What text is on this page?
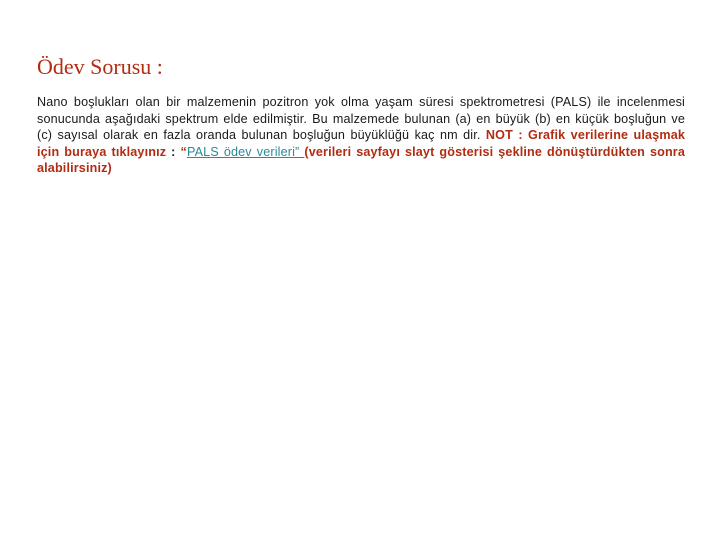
Ödev Sorusu :
Nano boşlukları olan bir malzemenin pozitron yok olma yaşam süresi spektrometresi (PALS) ile incelenmesi sonucunda aşağıdaki spektrum elde edilmiştir. Bu malzemede bulunan (a) en büyük (b) en küçük boşluğun ve (c) sayısal olarak en fazla oranda bulunan boşluğun büyüklüğü kaç nm dir. NOT : Grafik verilerine ulaşmak için buraya tıklayınız : “PALS ödev verileri” (verileri sayfayı slayt gösterisi şekline dönüştürdükten sonra alabilirsiniz)
